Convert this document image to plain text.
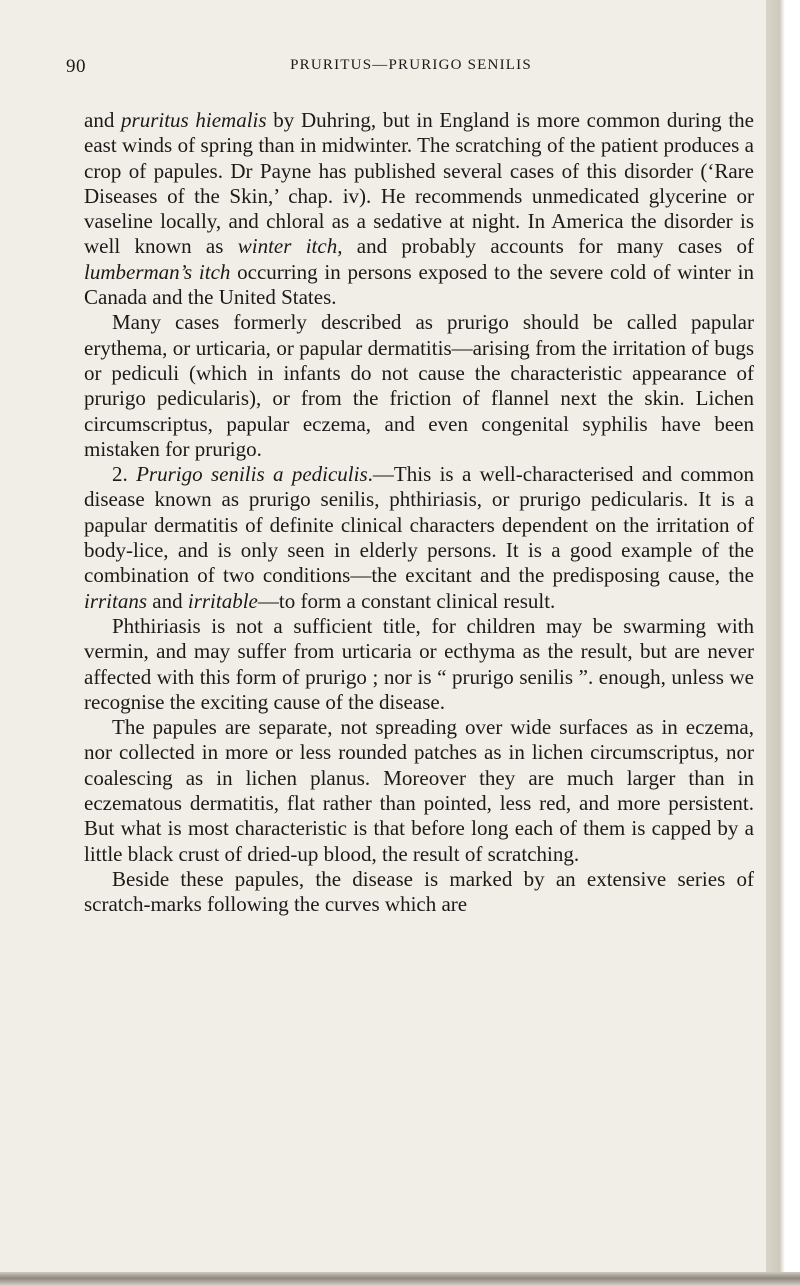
90	PRURITUS—PRURIGO SENILIS

and pruritus hiemalis by Duhring, but in England is more common during the east winds of spring than in midwinter. The scratching of the patient produces a crop of papules. Dr Payne has published several cases of this disorder (‘Rare Diseases of the Skin,’ chap. iv). He recommends unmedicated glycerine or vaseline locally, and chloral as a sedative at night. In America the disorder is well known as winter itch, and probably accounts for many cases of lumberman’s itch occurring in persons exposed to the severe cold of winter in Canada and the United States.

Many cases formerly described as prurigo should be called papular erythema, or urticaria, or papular dermatitis—arising from the irritation of bugs or pediculi (which in infants do not cause the characteristic appearance of prurigo pedicularis), or from the friction of flannel next the skin. Lichen circumscriptus, papular eczema, and even congenital syphilis have been mistaken for prurigo.

2. Prurigo senilis a pediculis.—This is a well-characterised and common disease known as prurigo senilis, phthiriasis, or prurigo pedicularis. It is a papular dermatitis of definite clinical characters dependent on the irritation of body-lice, and is only seen in elderly persons. It is a good example of the combination of two conditions—the excitant and the predisposing cause, the irritans and irritable—to form a constant clinical result.

Phthiriasis is not a sufficient title, for children may be swarming with vermin, and may suffer from urticaria or ecthyma as the result, but are never affected with this form of prurigo ; nor is “ prurigo senilis ”. enough, unless we recognise the exciting cause of the disease.

The papules are separate, not spreading over wide surfaces as in eczema, nor collected in more or less rounded patches as in lichen circumscriptus, nor coalescing as in lichen planus. Moreover they are much larger than in eczematous dermatitis, flat rather than pointed, less red, and more persistent. But what is most characteristic is that before long each of them is capped by a little black crust of dried-up blood, the result of scratching.

Beside these papules, the disease is marked by an extensive series of scratch-marks following the curves which are
